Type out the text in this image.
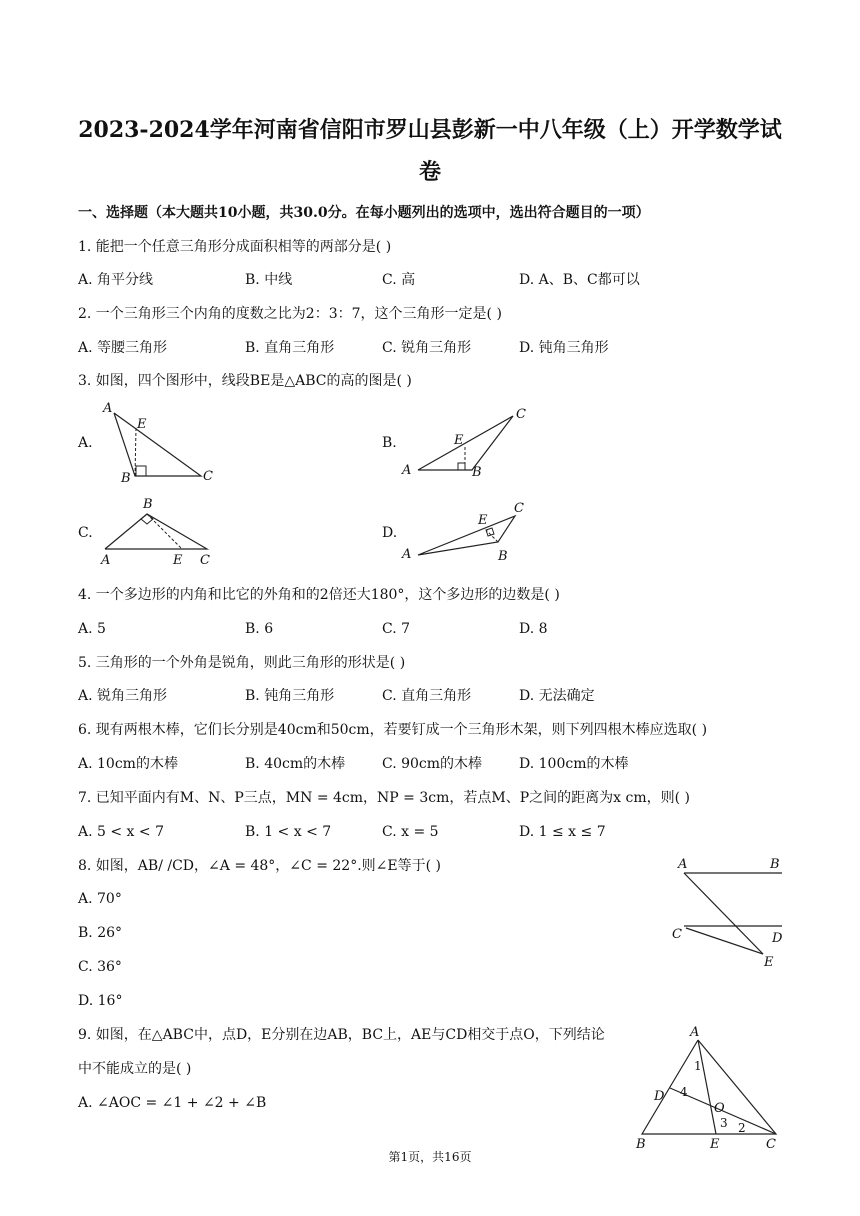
2023-2024学年河南省信阳市罗山县彭新一中八年级（上）开学数学试
卷
一、选择题（本大题共10小题，共30.0分。在每小题列出的选项中，选出符合题目的一项）
1. 能把一个任意三角形分成面积相等的两部分是( )
A. 角平分线	B. 中线	C. 高	D. A、B、C都可以
2. 一个三角形三个内角的度数之比为2：3：7，这个三角形一定是( )
A. 等腰三角形	B. 直角三角形	C. 锐角三角形	D. 钝角三角形
3. 如图，四个图形中，线段BE是△ABC的高的图是( )
A.	B.
C.	D.
A
E
B	C	A
E
B
C
B
A	E C	A
E
B
C
4. 一个多边形的内角和比它的外角和的2倍还大180°，这个多边形的边数是( )
A. 5	B. 6	C. 7	D. 8
5. 三角形的一个外角是锐角，则此三角形的形状是( )
A. 锐角三角形	B. 钝角三角形	C. 直角三角形	D. 无法确定
6. 现有两根木棒，它们长分别是40cm和50cm，若要钉成一个三角形木架，则下列四根木棒应选取( )
A. 10cm的木棒	B. 40cm的木棒	C. 90cm的木棒	D. 100cm的木棒
7. 已知平面内有M、N、P三点，MN = 4cm，NP = 3cm，若点M、P之间的距离为x cm，则( )
A. 5 < x < 7	B. 1 < x < 7	C. x = 5	D. 1 ≤ x ≤ 7
8. 如图，AB/ /CD，∠A = 48°，∠C = 22°.则∠E等于( )
A. 70°
B. 26°
C. 36°
D. 16°
A	B
C	D
E
9. 如图，在△ABC中，点D，E分别在边AB，BC上，AE与CD相交于点O，下列结论
中不能成立的是( )
A. ∠AOC = ∠1 + ∠2 + ∠B
A
D
O
B	E	C
1
4
3 2
第1页，共16页
